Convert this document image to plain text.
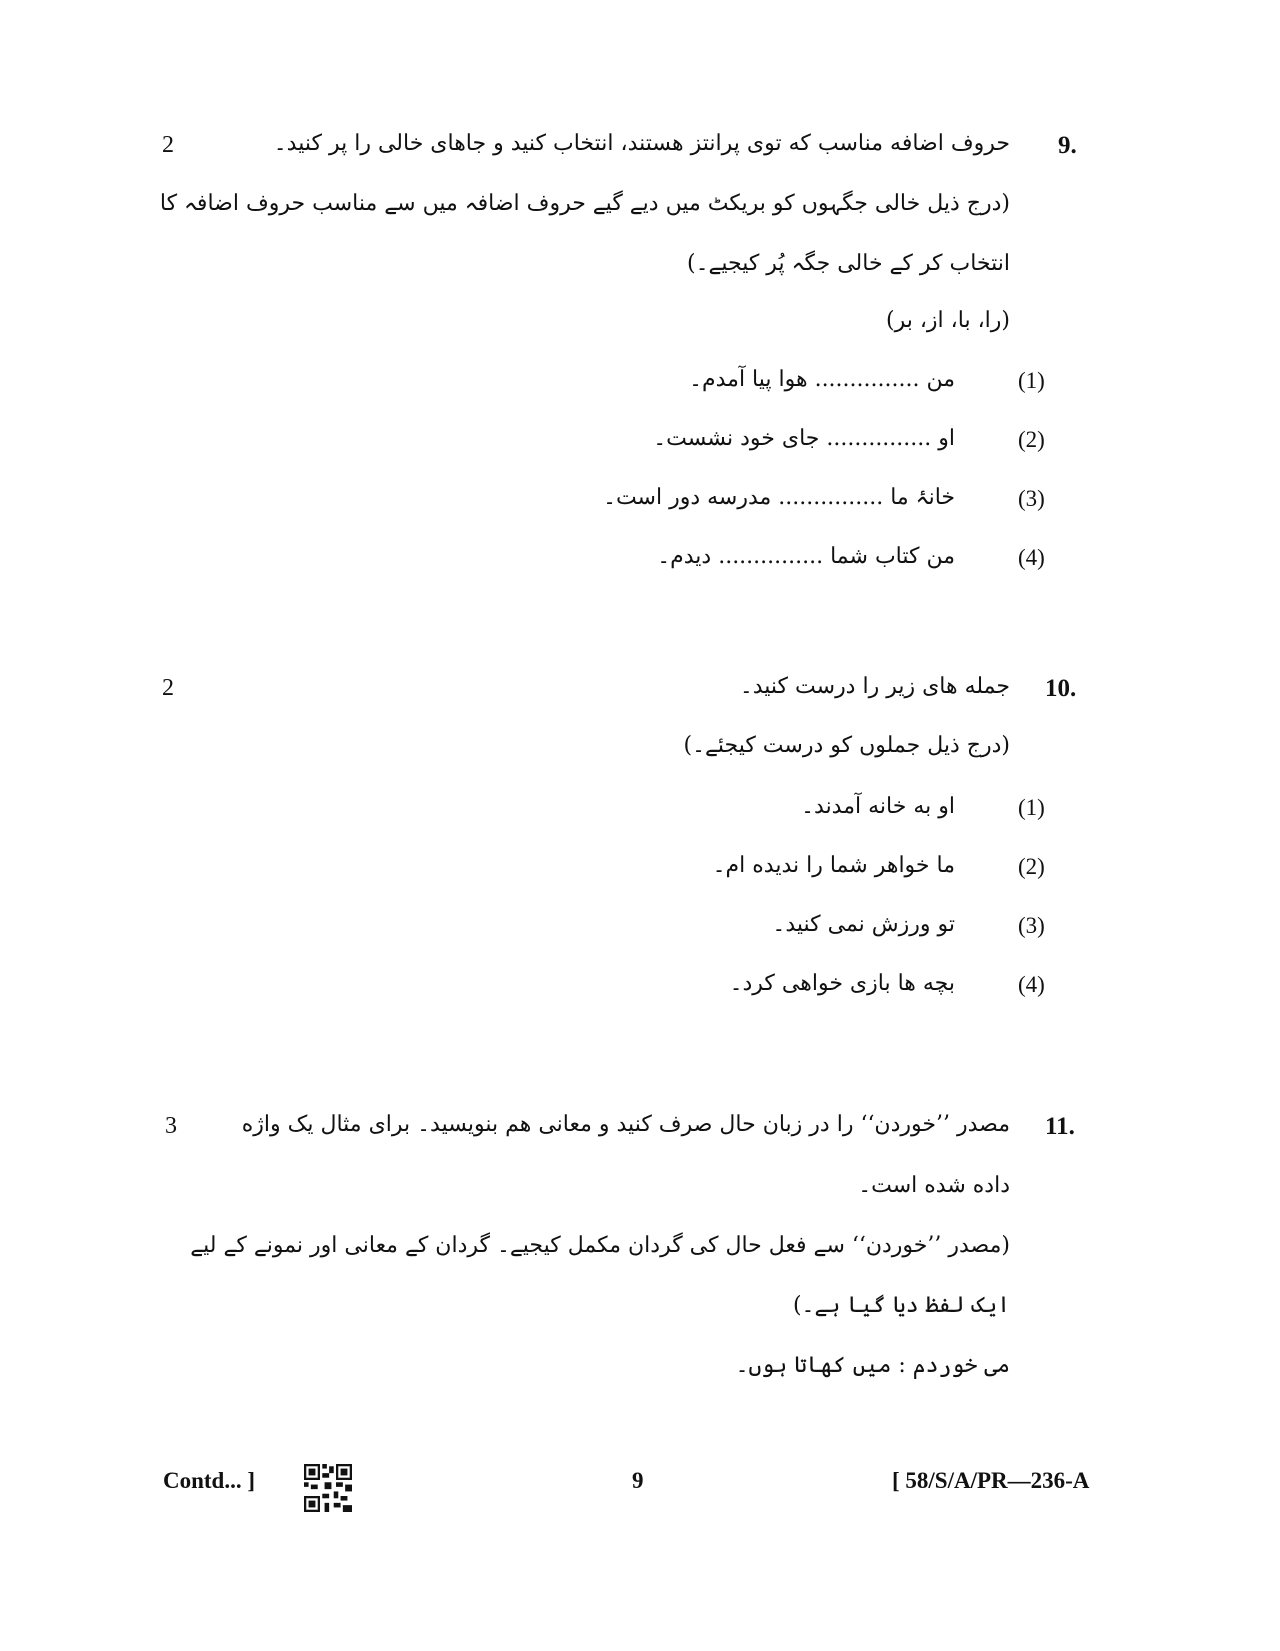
2	9.
حروف اضافه مناسب که توی پرانتز هستند، انتخاب کنید و جاهای خالی را پر کنید۔
(درج ذیل خالی جگہوں کو بریکٹ میں دیے گیے حروف اضافہ میں سے مناسب حروف اضافہ کا
انتخاب کر کے خالی جگہ پُر کیجیے۔)
(را، با، از، بر)
(1)
من ............... هوا پیا آمدم۔
(2)
او ............... جای خود نشست۔
(3)
خانۂ ما ............... مدرسه دور است۔
(4)
من کتاب شما ............... دیدم۔
2	10.
جمله های زیر را درست کنید۔
(درج ذیل جملوں کو درست کیجئے۔)
(1)
او به خانه آمدند۔
(2)
ما خواهر شما را ندیده ام۔
(3)
تو ورزش نمی کنید۔
(4)
بچه ها بازی خواهی کرد۔
3	11.
مصدر ’’خوردن‘‘ را در زبان حال صرف کنید و معانی هم بنویسید۔ برای مثال یک واژه
داده شده است۔
(مصدر ’’خوردن‘‘ سے فعل حال کی گردان مکمل کیجیے۔ گردان کے معانی اور نمونے کے لیے
ایک لفظ دیا گیا ہے۔)
می خوردم : میں کھاتا ہوں۔
Contd... ]	9	[ 58/S/A/PR—236-A
